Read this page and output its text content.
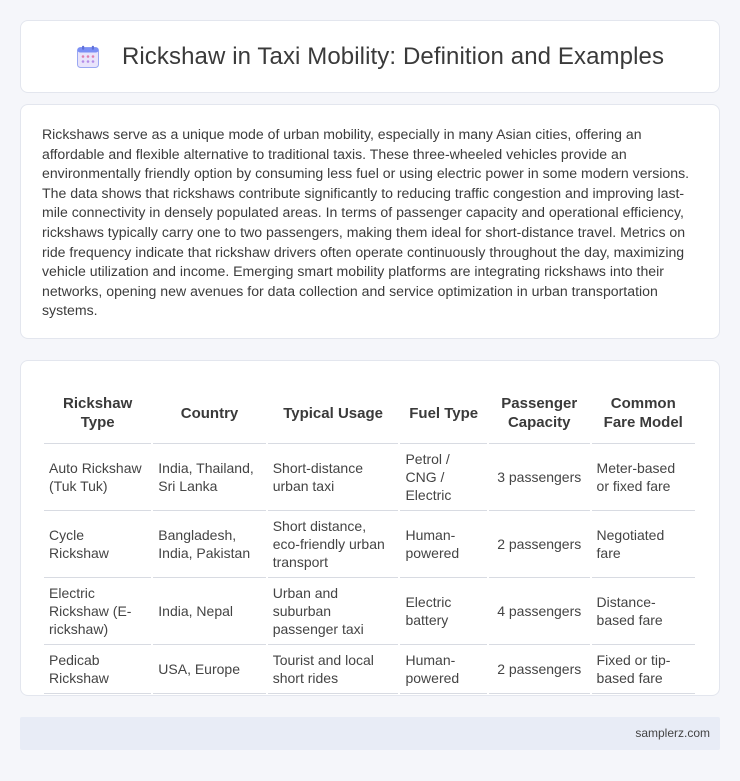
Rickshaw in Taxi Mobility: Definition and Examples

Rickshaws serve as a unique mode of urban mobility, especially in many Asian cities, offering an affordable and flexible alternative to traditional taxis. These three-wheeled vehicles provide an environmentally friendly option by consuming less fuel or using electric power in some modern versions. The data shows that rickshaws contribute significantly to reducing traffic congestion and improving last-mile connectivity in densely populated areas. In terms of passenger capacity and operational efficiency, rickshaws typically carry one to two passengers, making them ideal for short-distance travel. Metrics on ride frequency indicate that rickshaw drivers often operate continuously throughout the day, maximizing vehicle utilization and income. Emerging smart mobility platforms are integrating rickshaws into their networks, opening new avenues for data collection and service optimization in urban transportation systems.

Rickshaw Type	Country	Typical Usage	Fuel Type	Passenger Capacity	Common Fare Model
Auto Rickshaw (Tuk Tuk)	India, Thailand, Sri Lanka	Short-distance urban taxi	Petrol / CNG / Electric	3 passengers	Meter-based or fixed fare
Cycle Rickshaw	Bangladesh, India, Pakistan	Short distance, eco-friendly urban transport	Human-powered	2 passengers	Negotiated fare
Electric Rickshaw (E-rickshaw)	India, Nepal	Urban and suburban passenger taxi	Electric battery	4 passengers	Distance-based fare
Pedicab Rickshaw	USA, Europe	Tourist and local short rides	Human-powered	2 passengers	Fixed or tip-based fare
samplerz.com
